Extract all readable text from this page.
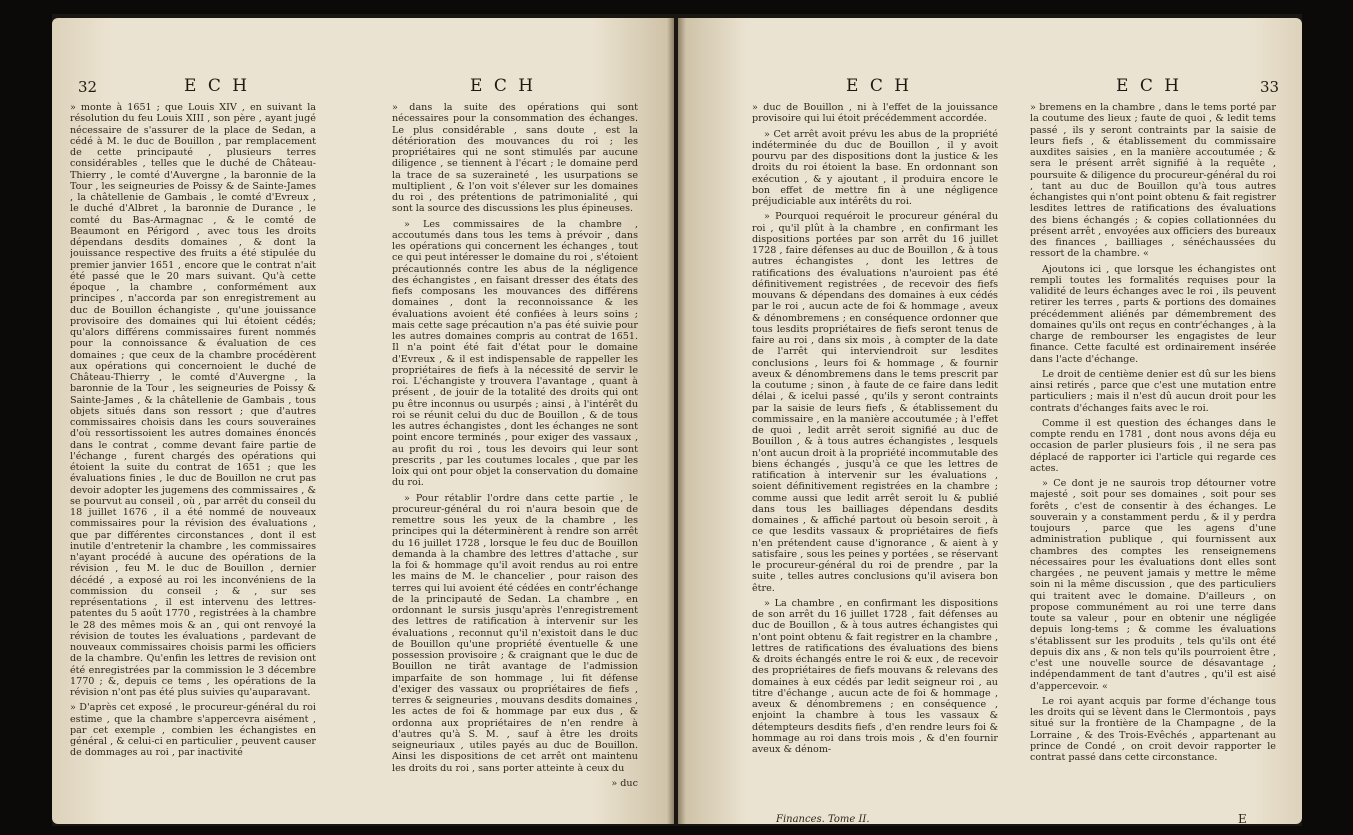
32	E C H	E C H

» monte à 1651 ; que Louis XIV , en suivant la résolution du feu Louis XIII , son père , ayant jugé nécessaire de s'assurer de la place de Sedan, a cédé à M. le duc de Bouillon , par remplacement de cette principauté , plusieurs terres considérables , telles que le duché de Château-Thierry , le comté d'Auvergne , la baronnie de la Tour , les seigneuries de Poissy & de Sainte-James , la châtellenie de Gambais , le comté d'Evreux , le duché d'Albret , la baronnie de Durance , le comté du Bas-Armagnac , & le comté de Beaumont en Périgord , avec tous les droits dépendans desdits domaines , & dont la jouissance respective des fruits a été stipulée du premier janvier 1651 , encore que le contrat n'ait été passé que le 20 mars suivant. Qu'à cette époque , la chambre , conformément aux principes , n'accorda par son enregistrement au duc de Bouillon échangiste , qu'une jouissance provisoire des domaines qui lui étoient cédés; qu'alors différens commissaires furent nommés pour la connoissance & évaluation de ces domaines ; que ceux de la chambre procédèrent aux opérations qui concernoient le duché de Château-Thierry , le comté d'Auvergne , la baronnie de la Tour , les seigneuries de Poissy & Sainte-James , & la châtellenie de Gambais , tous objets situés dans son ressort ; que d'autres commissaires choisis dans les cours souveraines d'où ressortissoient les autres domaines énoncés dans le contrat , comme devant faire partie de l'échange , furent chargés des opérations qui étoient la suite du contrat de 1651 ; que les évaluations finies , le duc de Bouillon ne crut pas devoir adopter les jugemens des commissaires , & se pourvut au conseil , où , par arrêt du conseil du 18 juillet 1676 , il a été nommé de nouveaux commissaires pour la révision des évaluations , que par différentes circonstances , dont il est inutile d'entretenir la chambre , les commissaires n'ayant procédé à aucune des opérations de la révision , feu M. le duc de Bouillon , dernier décédé , a exposé au roi les inconvéniens de la commission du conseil ; & , sur ses représentations , il est intervenu des lettres-patentes du 5 août 1770 , registrées à la chambre le 28 des mêmes mois & an , qui ont renvoyé la révision de toutes les évaluations , pardevant de nouveaux commissaires choisis parmi les officiers de la chambre. Qu'enfin les lettres de revision ont été enregistrées par la commission le 3 décembre 1770 ; &, depuis ce tems , les opérations de la révision n'ont pas été plus suivies qu'auparavant.

» D'après cet exposé , le procureur-général du roi estime , que la chambre s'appercevra aisément , par cet exemple , combien les échangistes en général , & celui-ci en particulier , peuvent causer de dommages au roi , par inactivité

» dans la suite des opérations qui sont nécessaires pour la consommation des échanges. Le plus considérable , sans doute , est la détérioration des mouvances du roi ; les propriétaires qui ne sont stimulés par aucune diligence , se tiennent à l'écart ; le domaine perd la trace de sa suzeraineté , les usurpations se multiplient , & l'on voit s'élever sur les domaines du roi , des prétentions de patrimonialité , qui sont la source des discussions les plus épineuses.

» Les commissaires de la chambre , accoutumés dans tous les tems à prévoir , dans les opérations qui concernent les échanges , tout ce qui peut intéresser le domaine du roi , s'étoient précautionnés contre les abus de la négligence des échangistes , en faisant dresser des états des fiefs composans les mouvances des différens domaines , dont la reconnoissance & les évaluations avoient été confiées à leurs soins ; mais cette sage précaution n'a pas été suivie pour les autres domaines compris au contrat de 1651. Il n'a point été fait d'état pour le domaine d'Evreux , & il est indispensable de rappeller les propriétaires de fiefs à la nécessité de servir le roi. L'échangiste y trouvera l'avantage , quant à présent , de jouir de la totalité des droits qui ont pu être inconnus ou usurpés ; ainsi , à l'intérêt du roi se réunit celui du duc de Bouillon , & de tous les autres échangistes , dont les échanges ne sont point encore terminés , pour exiger des vassaux , au profit du roi , tous les devoirs qui leur sont prescrits , par les coutumes locales , que par les loix qui ont pour objet la conservation du domaine du roi.

» Pour rétablir l'ordre dans cette partie , le procureur-général du roi n'aura besoin que de remettre sous les yeux de la chambre , les principes qui la déterminèrent à rendre son arrêt du 16 juillet 1728 , lorsque le feu duc de Bouillon demanda à la chambre des lettres d'attache , sur la foi & hommage qu'il avoit rendus au roi entre les mains de M. le chancelier , pour raison des terres qui lui avoient été cédées en contr'échange de la principauté de Sedan. La chambre , en ordonnant le sursis jusqu'après l'enregistrement des lettres de ratification à intervenir sur les évaluations , reconnut qu'il n'existoit dans le duc de Bouillon qu'une propriété éventuelle & une possession provisoire ; & craignant que le duc de Bouillon ne tirât avantage de l'admission imparfaite de son hommage , lui fit défense d'exiger des vassaux ou propriétaires de fiefs , terres & seigneuries , mouvans desdits domaines , les actes de foi & hommage par eux dus , & ordonna aux propriétaires de n'en rendre à d'autres qu'à S. M. , sauf à être les droits seigneuriaux , utiles payés au duc de Bouillon. Ainsi les dispositions de cet arrêt ont maintenu les droits du roi , sans porter atteinte à ceux du

» duc

E C H	E C H	33

» duc de Bouillon , ni à l'effet de la jouissance provisoire qui lui étoit précédemment accordée.

» Cet arrêt avoit prévu les abus de la propriété indéterminée du duc de Bouillon , il y avoit pourvu par des dispositions dont la justice & les droits du roi étoient la base. En ordonnant son exécution , & y ajoutant , il produira encore le bon effet de mettre fin à une négligence préjudiciable aux intérêts du roi.

» Pourquoi requéroit le procureur général du roi , qu'il plût à la chambre , en confirmant les dispositions portées par son arrêt du 16 juillet 1728 , faire défenses au duc de Bouillon , & à tous autres échangistes , dont les lettres de ratifications des évaluations n'auroient pas été définitivement registrées , de recevoir des fiefs mouvans & dépendans des domaines à eux cédés par le roi , aucun acte de foi & hommage , aveux & dénombremens ; en conséquence ordonner que tous lesdits propriétaires de fiefs seront tenus de faire au roi , dans six mois , à compter de la date de l'arrêt qui interviendroit sur lesdites conclusions , leurs foi & hommage , & fournir aveux & dénombremens dans le tems prescrit par la coutume ; sinon , à faute de ce faire dans ledit délai , & icelui passé , qu'ils y seront contraints par la saisie de leurs fiefs , & établissement du commissaire , en la manière accoutumée ; à l'effet de quoi , ledit arrêt seroit signifié au duc de Bouillon , & à tous autres échangistes , lesquels n'ont aucun droit à la propriété incommutable des biens échangés , jusqu'à ce que les lettres de ratification à intervenir sur les évaluations , soient définitivement registrées en la chambre ; comme aussi que ledit arrêt seroit lu & publié dans tous les bailliages dépendans desdits domaines , & affiché partout où besoin seroit , à ce que lesdits vassaux & propriétaires de fiefs n'en prétendent cause d'ignorance , & aient à y satisfaire , sous les peines y portées , se réservant le procureur-général du roi de prendre , par la suite , telles autres conclusions qu'il avisera bon être.

» La chambre , en confirmant les dispositions de son arrêt du 16 juillet 1728 , fait défenses au duc de Bouillon , & à tous autres échangistes qui n'ont point obtenu & fait registrer en la chambre , lettres de ratifications des évaluations des biens & droits échangés entre le roi & eux , de recevoir des propriétaires de fiefs mouvans & relevans des domaines à eux cédés par ledit seigneur roi , au titre d'échange , aucun acte de foi & hommage , aveux & dénombremens ; en conséquence , enjoint la chambre à tous les vassaux & détempteurs desdits fiefs , d'en rendre leurs foi & hommage au roi dans trois mois , & d'en fournir aveux & dénom-

Finances. Tome II.

» bremens en la chambre , dans le tems porté par la coutume des lieux ; faute de quoi , & ledit tems passé , ils y seront contraints par la saisie de leurs fiefs , & établissement du commissaire auxdites saisies , en la manière accoutumée ; & sera le présent arrêt signifié à la requête , poursuite & diligence du procureur-général du roi , tant au duc de Bouillon qu'à tous autres échangistes qui n'ont point obtenu & fait registrer lesdites lettres de ratifications des évaluations des biens échangés ; & copies collationnées du présent arrêt , envoyées aux officiers des bureaux des finances , bailliages , sénéchaussées du ressort de la chambre. «

Ajoutons ici , que lorsque les échangistes ont rempli toutes les formalités requises pour la validité de leurs échanges avec le roi , ils peuvent retirer les terres , parts & portions des domaines précédemment aliénés par démembrement des domaines qu'ils ont reçus en contr'échanges , à la charge de rembourser les engagistes de leur finance. Cette faculté est ordinairement insérée dans l'acte d'échange.

Le droit de centième denier est dû sur les biens ainsi retirés , parce que c'est une mutation entre particuliers ; mais il n'est dû aucun droit pour les contrats d'échanges faits avec le roi.

Comme il est question des échanges dans le compte rendu en 1781 , dont nous avons déja eu occasion de parler plusieurs fois , il ne sera pas déplacé de rapporter ici l'article qui regarde ces actes.

» Ce dont je ne saurois trop détourner votre majesté , soit pour ses domaines , soit pour ses forêts , c'est de consentir à des échanges. Le souverain y a constamment perdu , & il y perdra toujours , parce que les agens d'une administration publique , qui fournissent aux chambres des comptes les renseignemens nécessaires pour les évaluations dont elles sont chargées , ne peuvent jamais y mettre le même soin ni la même discussion , que des particuliers qui traitent avec le domaine. D'ailleurs , on propose communément au roi une terre dans toute sa valeur , pour en obtenir une négligée depuis long-tems ; & comme les évaluations s'établissent sur les produits , tels qu'ils ont été depuis dix ans , & non tels qu'ils pourroient être , c'est une nouvelle source de désavantage , indépendamment de tant d'autres , qu'il est aisé d'appercevoir. «

Le roi ayant acquis par forme d'échange tous les droits qui se lèvent dans le Clermontois , pays situé sur la frontière de la Champagne , de la Lorraine , & des Trois-Evêchés , appartenant au prince de Condé , on croit devoir rapporter le contrat passé dans cette circonstance.

E
